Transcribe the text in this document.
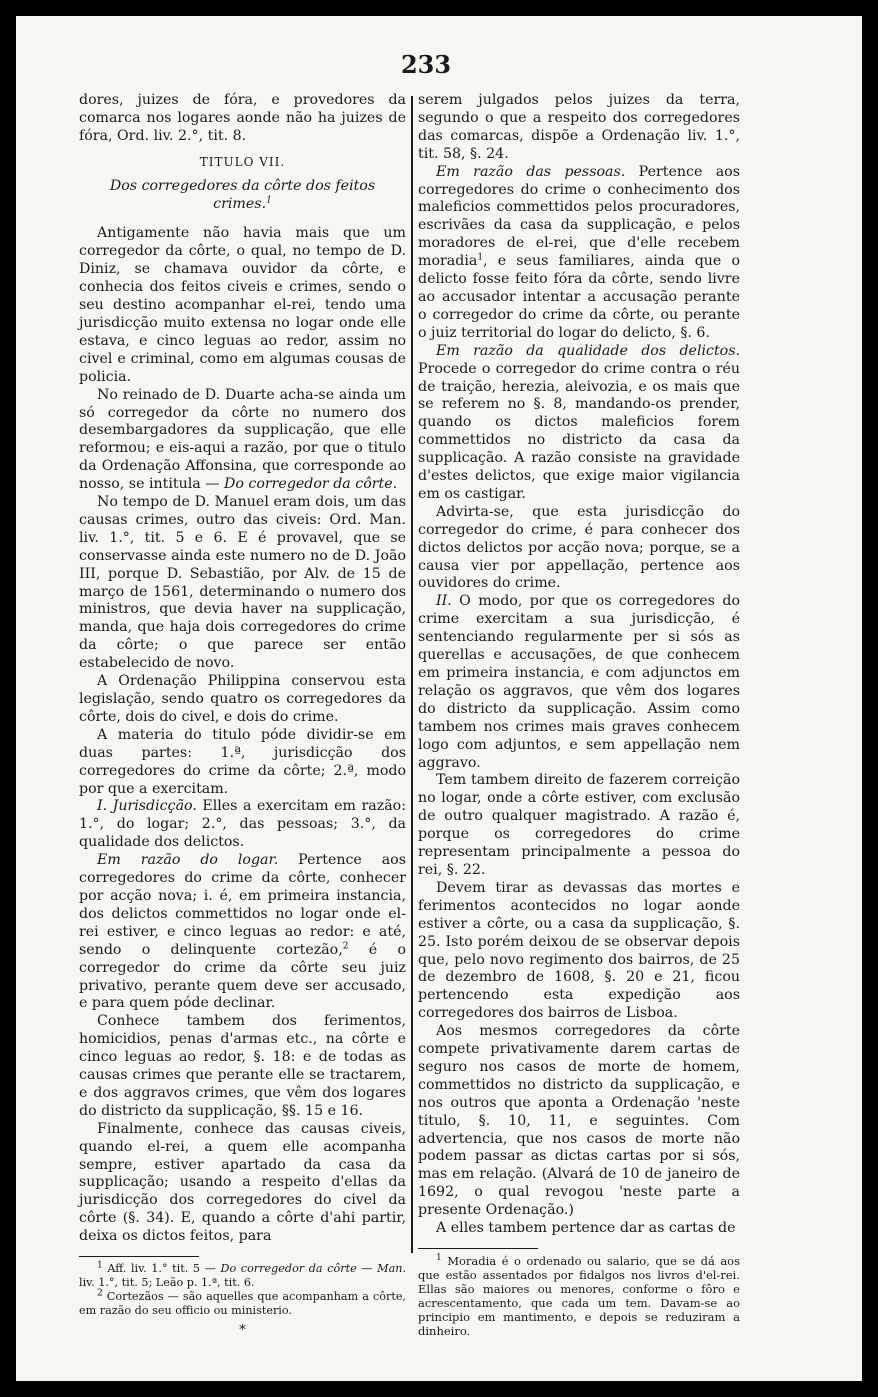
233

dores, juizes de fóra, e provedores da comarca nos logares aonde não ha juizes de fóra, Ord. liv. 2.°, tit. 8.

TITULO VII.
Dos corregedores da côrte dos feitos crimes.$^1$

Antigamente não havia mais que um corregedor da côrte, o qual, no tempo de D. Diniz, se chamava ouvidor da côrte, e conhecia dos feitos civeis e crimes, sendo o seu destino acompanhar el-rei, tendo uma jurisdicção muito extensa no logar onde elle estava, e cinco leguas ao redor, assim no civel e criminal, como em algumas cousas de policia.

No reinado de D. Duarte acha-se ainda um só corregedor da côrte no numero dos desembargadores da supplicação, que elle reformou; e eis-aqui a razão, por que o titulo da Ordenação Affonsina, que corresponde ao nosso, se intitula — Do corregedor da côrte.

No tempo de D. Manuel eram dois, um das causas crimes, outro das civeis: Ord. Man. liv. 1.°, tit. 5 e 6. E é provavel, que se conservasse ainda este numero no de D. João III, porque D. Sebastião, por Alv. de 15 de março de 1561, determinando o numero dos ministros, que devia haver na supplicação, manda, que haja dois corregedores do crime da côrte; o que parece ser então estabelecido de novo.

A Ordenação Philippina conservou esta legislação, sendo quatro os corregedores da côrte, dois do civel, e dois do crime.

A materia do titulo póde dividir-se em duas partes: 1.ª, jurisdicção dos corregedores do crime da côrte; 2.ª, modo por que a exercitam.

I. Jurisdicção. Elles a exercitam em razão: 1.°, do logar; 2.°, das pessoas; 3.°, da qualidade dos delictos.

Em razão do logar. Pertence aos corregedores do crime da côrte, conhecer por acção nova; i. é, em primeira instancia, dos delictos commettidos no logar onde el-rei estiver, e cinco leguas ao redor: e até, sendo o delinquente cortezão,$^2$ é o corregedor do crime da côrte seu juiz privativo, perante quem deve ser accusado, e para quem póde declinar.

Conhece tambem dos ferimentos, homicidios, penas d'armas etc., na côrte e cinco leguas ao redor, §. 18: e de todas as causas crimes que perante elle se tractarem, e dos aggravos crimes, que vêm dos logares do districto da supplicação, §§. 15 e 16.

Finalmente, conhece das causas civeis, quando el-rei, a quem elle acompanha sempre, estiver apartado da casa da supplicação; usando a respeito d'ellas da jurisdicção dos corregedores do civel da côrte (§. 34). E, quando a côrte d'ahi partir, deixa os dictos feitos, para

$^1$ Aff. liv. 1.° tit. 5 — Do corregedor da côrte — Man. liv. 1.°, tit. 5; Leão p. 1.ª, tit. 6.

$^2$ Cortezãos — são aquelles que acompanham a côrte, em razão do seu officio ou ministerio.

*

serem julgados pelos juizes da terra, segundo o que a respeito dos corregedores das comarcas, dispõe a Ordenação liv. 1.°, tit. 58, §. 24.

Em razão das pessoas. Pertence aos corregedores do crime o conhecimento dos maleficios commettidos pelos procuradores, escrivães da casa da supplicação, e pelos moradores de el-rei, que d'elle recebem moradia$^1$, e seus familiares, ainda que o delicto fosse feito fóra da côrte, sendo livre ao accusador intentar a accusação perante o corregedor do crime da côrte, ou perante o juiz territorial do logar do delicto, §. 6.

Em razão da qualidade dos delictos. Procede o corregedor do crime contra o réu de traição, herezia, aleivozia, e os mais que se referem no §. 8, mandando-os prender, quando os dictos maleficios forem commettidos no districto da casa da supplicação. A razão consiste na gravidade d'estes delictos, que exige maior vigilancia em os castigar.

Advirta-se, que esta jurisdicção do corregedor do crime, é para conhecer dos dictos delictos por acção nova; porque, se a causa vier por appellação, pertence aos ouvidores do crime.

II. O modo, por que os corregedores do crime exercitam a sua jurisdicção, é sentenciando regularmente per si sós as querellas e accusações, de que conhecem em primeira instancia, e com adjunctos em relação os aggravos, que vêm dos logares do districto da supplicação. Assim como tambem nos crimes mais graves conhecem logo com adjuntos, e sem appellação nem aggravo.

Tem tambem direito de fazerem correição no logar, onde a côrte estiver, com exclusão de outro qualquer magistrado. A razão é, porque os corregedores do crime representam principalmente a pessoa do rei, §. 22.

Devem tirar as devassas das mortes e ferimentos acontecidos no logar aonde estiver a côrte, ou a casa da supplicação, §. 25. Isto porém deixou de se observar depois que, pelo novo regimento dos bairros, de 25 de dezembro de 1608, §. 20 e 21, ficou pertencendo esta expedição aos corregedores dos bairros de Lisboa.

Aos mesmos corregedores da côrte compete privativamente darem cartas de seguro nos casos de morte de homem, commettidos no districto da supplicação, e nos outros que aponta a Ordenação 'neste titulo, §. 10, 11, e seguintes. Com advertencia, que nos casos de morte não podem passar as dictas cartas por si sós, mas em relação. (Alvará de 10 de janeiro de 1692, o qual revogou 'neste parte a presente Ordenação.)

A elles tambem pertence dar as cartas de

$^1$ Moradia é o ordenado ou salario, que se dá aos que estão assentados por fidalgos nos livros d'el-rei. Ellas são maiores ou menores, conforme o fôro e acrescentamento, que cada um tem. Davam-se ao principio em mantimento, e depois se reduziram a dinheiro.
